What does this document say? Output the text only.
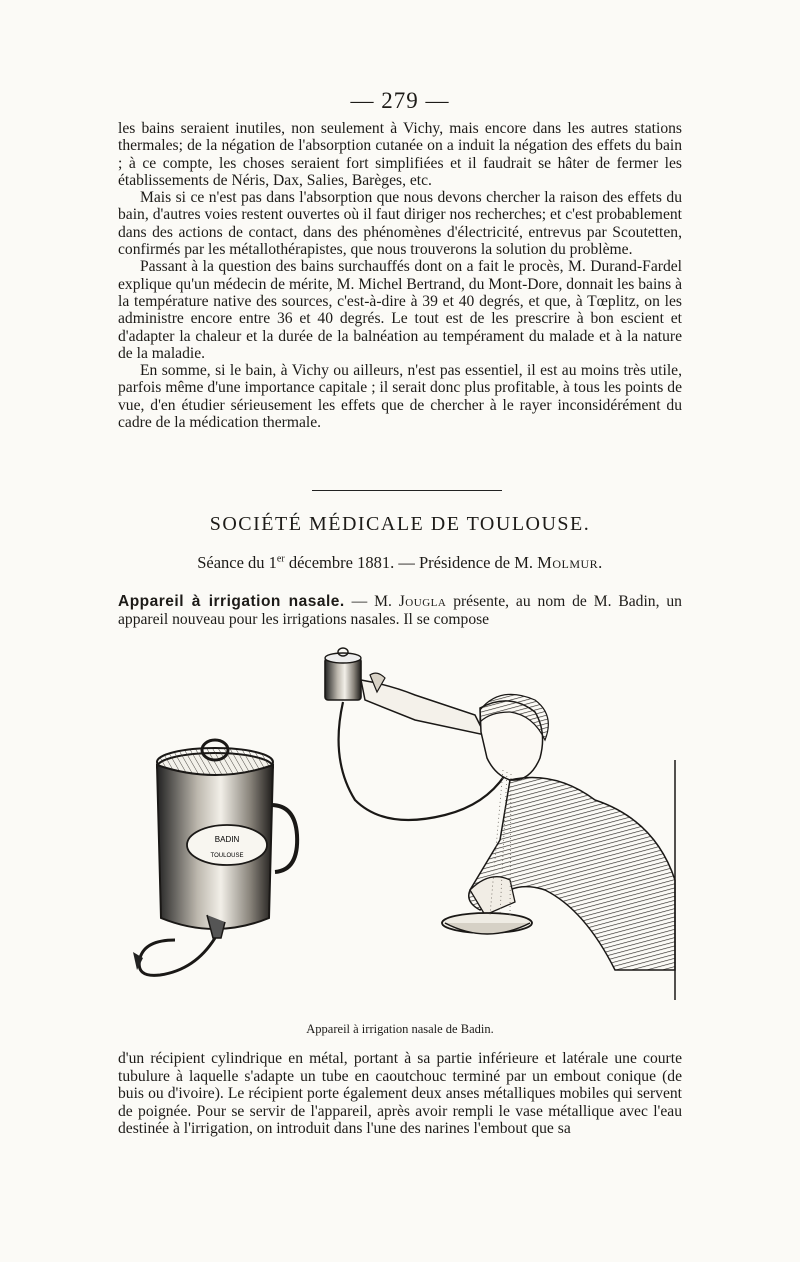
— 279 —

les bains seraient inutiles, non seulement à Vichy, mais encore dans les autres stations thermales; de la négation de l'absorption cutanée on a induit la négation des effets du bain ; à ce compte, les choses seraient fort simplifiées et il faudrait se hâter de fermer les établissements de Néris, Dax, Salies, Barèges, etc.

Mais si ce n'est pas dans l'absorption que nous devons chercher la raison des effets du bain, d'autres voies restent ouvertes où il faut diriger nos recherches; et c'est probablement dans des actions de contact, dans des phénomènes d'électricité, entrevus par Scoutetten, confirmés par les métallothérapistes, que nous trouverons la solution du problème.

Passant à la question des bains surchauffés dont on a fait le procès, M. Durand-Fardel explique qu'un médecin de mérite, M. Michel Bertrand, du Mont-Dore, donnait les bains à la température native des sources, c'est-à-dire à 39 et 40 degrés, et que, à Tœplitz, on les administre encore entre 36 et 40 degrés. Le tout est de les prescrire à bon escient et d'adapter la chaleur et la durée de la balnéation au tempérament du malade et à la nature de la maladie.

En somme, si le bain, à Vichy ou ailleurs, n'est pas essentiel, il est au moins très utile, parfois même d'une importance capitale ; il serait donc plus profitable, à tous les points de vue, d'en étudier sérieusement les effets que de chercher à le rayer inconsidérément du cadre de la médication thermale.

SOCIÉTÉ MÉDICALE DE TOULOUSE.
Séance du 1er décembre 1881. — Présidence de M. Molmur.
Appareil à irrigation nasale. — M. Jougla présente, au nom de M. Badin, un appareil nouveau pour les irrigations nasales. Il se compose
BADIN
TOULOUSE
Appareil à irrigation nasale de Badin.

d'un récipient cylindrique en métal, portant à sa partie inférieure et latérale une courte tubulure à laquelle s'adapte un tube en caoutchouc terminé par un embout conique (de buis ou d'ivoire). Le récipient porte également deux anses métalliques mobiles qui servent de poignée. Pour se servir de l'appareil, après avoir rempli le vase métallique avec l'eau destinée à l'irrigation, on introduit dans l'une des narines l'embout que sa
